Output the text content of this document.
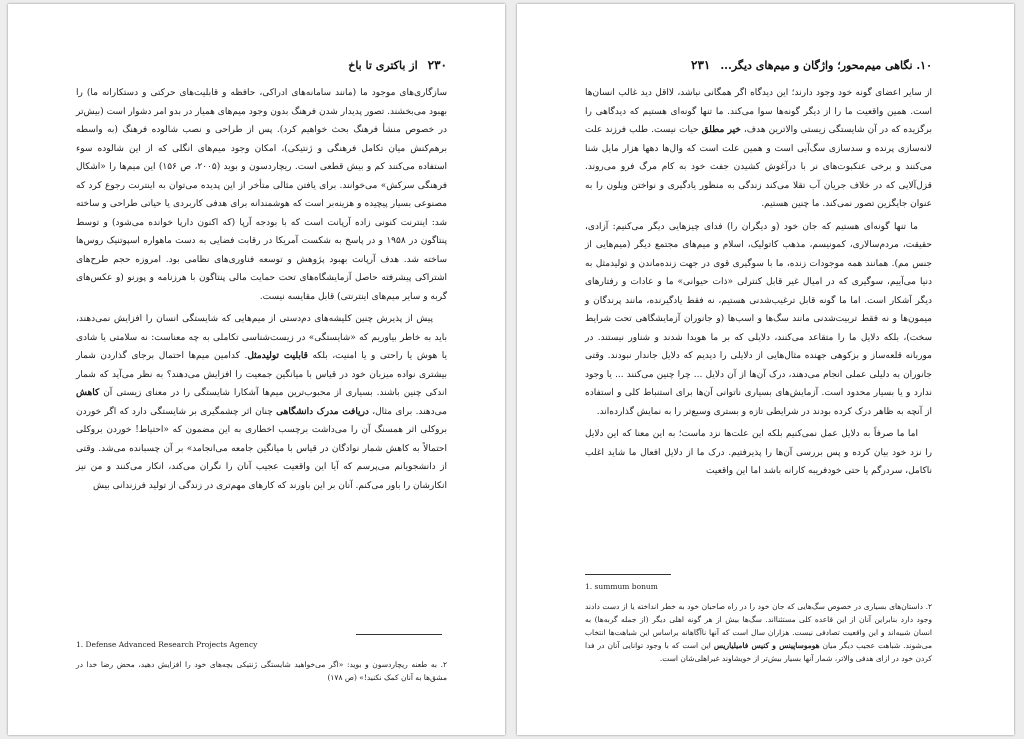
۲۳۰
از باکتری تا باخ

سازگاری‌های موجود ما (مانند سامانه‌های ادراکی، حافظه و قابلیت‌های حرکتی و دستکارانه ما) را بهبود می‌بخشند. تصور پدیدار شدن فرهنگ بدون وجود میم‌های همیار در بدو امر دشوار است (بیش‌تر در خصوص منشأ فرهنگ بحث خواهیم کرد). پس از طراحی و نصب شالوده فرهنگ (به واسطه برهم‌کنش میان تکامل فرهنگی و ژنتیکی)، امکان وجود میم‌های انگلی که از این شالوده سوء استفاده می‌کنند کم و بیش قطعی است. ریچاردسون و بوید (۲۰۰۵، ص ۱۵۶) این میم‌ها را «اشکال فرهنگی سرکش» می‌خوانند. برای یافتن مثالی متأخر از این پدیده می‌توان به اینترنت رجوع کرد که مصنوعی بسیار پیچیده و هزینه‌بر است که هوشمندانه برای هدفی کاربردی یا حیاتی طراحی و ساخته شد: اینترنت کنونی زاده آرپانت است که با بودجه آرپا (که اکنون دارپا خوانده می‌شود) و توسط پنتاگون در ۱۹۵۸ و در پاسخ به شکست آمریکا در رقابت فضایی به دست ماهواره اسپوتنیک روس‌ها ساخته شد. هدف آرپانت بهبود پژوهش و توسعه فناوری‌های نظامی بود. امروزه حجم طرح‌های اشتراکی پیشرفته حاصل آزمایشگاه‌های تحت حمایت مالی پنتاگون با هرزنامه و پورنو (و عکس‌های گربه و سایر میم‌های اینترنتی) قابل مقایسه نیست.

پیش از پذیرش چنین کلیشه‌های دم‌دستی از میم‌هایی که شایستگی انسان را افزایش نمی‌دهند، باید به خاطر بیاوریم که «شایستگی» در زیست‌شناسی تکاملی به چه معناست: نه سلامتی یا شادی یا هوش یا راحتی و یا امنیت، بلکه قابلیت تولیدمثل. کدامین میم‌ها احتمال برجای گذاردن شمار بیشتری نواده میزبان خود در قیاس با میانگین جمعیت را افزایش می‌دهند؟ به نظر می‌آید که شمار اندکی چنین باشند. بسیاری از محبوب‌ترین میم‌ها آشکارا شایستگی را در معنای زیستی آن کاهش می‌دهند. برای مثال، دریافت مدرک دانشگاهی چنان اثر چشمگیری بر شایستگی دارد که اگر خوردن بروکلی اثر همسنگ آن را می‌داشت برچسب اخطاری به این مضمون که «احتیاط! خوردن بروکلی احتمالاً به کاهش شمار نوادگان در قیاس با میانگین جامعه می‌انجامد» بر آن چسبانده می‌شد. وقتی از دانشجویانم می‌پرسم که آیا این واقعیت عجیب آنان را نگران می‌کند، انکار می‌کنند و من نیز انکارشان را باور می‌کنم. آنان بر این باورند که کارهای مهم‌تری در زندگی از تولید فرزندانی بیش

1. Defense Advanced Research Projects Agency
۲. به طعنه ریچاردسون و بوید: «اگر می‌خواهید شایستگی ژنتیکی بچه‌های خود را افزایش دهید، محض رضا خدا در مشق‌ها به آنان کمک نکنید!» (ص ۱۷۸)
۱۰. نگاهی میم‌محور؛ واژگان و میم‌های دیگر...
۲۳۱

از سایر اعضای گونه خود وجود دارند؛ این دیدگاه اگر همگانی نباشد، لااقل دید غالب انسان‌ها است. همین واقعیت ما را از دیگر گونه‌ها سوا می‌کند. ما تنها گونه‌ای هستیم که دیدگاهی را برگزیده که در آن شایستگی زیستی والاترین هدف، خیر مطلق حیات نیست. طلب فرزند علت لانه‌سازی پرنده و سدسازی سگ‌آبی است و همین علت است که وال‌ها دهها هزار مایل شنا می‌کنند و برخی عنکبوت‌های نر با درآغوش کشیدن جفت خود به کام مرگ فرو می‌روند. قزل‌آلایی که در خلاف جریان آب تقلا می‌کند زندگی به منظور یادگیری و نواختن ویلون را به عنوان جایگزین تصور نمی‌کند. ما چنین هستیم.

ما تنها گونه‌ای هستیم که جان خود (و دیگران را) فدای چیزهایی دیگر می‌کنیم: آزادی، حقیقت، مردم‌سالاری، کمونیسم، مذهب کاتولیک، اسلام و میم‌های مجتمع دیگر (میم‌هایی از جنس مم). همانند همه موجودات زنده، ما با سوگیری قوی در جهت زنده‌ماندن و تولیدمثل به دنیا می‌آییم، سوگیری که در امیال غیر قابل کنترلی «ذات حیوانی» ما و عادات و رفتارهای دیگر آشکار است. اما ما گونه قابل ترغیب‌شدنی هستیم، نه فقط یادگیرنده، مانند پرندگان و میمون‌ها و نه فقط تربیت‌شدنی مانند سگ‌ها و اسب‌ها (و جانوران آزمایشگاهی تحت شرایط سخت)، بلکه دلایل ما را متقاعد می‌کنند، دلایلی که بر ما هویدا شدند و شناور نیستند. در موربانه قلعه‌ساز و بزکوهی جهنده مثال‌هایی از دلایلی را دیدیم که دلایل جاندار نبودند. وقتی جانوران به دلیلی عملی انجام می‌دهند، درک آن‌ها از آن دلایل ... چرا چنین می‌کنند ... یا وجود ندارد و یا بسیار محدود است. آزمایش‌های بسیاری ناتوانی آن‌ها برای استنباط کلی و استفاده از آنچه به ظاهر درک کرده بودند در شرایطی تازه و بستری وسیع‌تر را به نمایش گذارده‌اند.

اما ما صرفاً به دلایل عمل نمی‌کنیم بلکه این علت‌ها نزد ماست؛ به این معنا که این دلایل را نزد خود بیان کرده و پس بررسی آن‌ها را پذیرفتیم. درک ما از دلایل افعال ما شاید اغلب ناکامل، سردرگم یا حتی خودفریبه کارانه باشد اما این واقعیت

1. summum bonum
۲. داستان‌های بسیاری در خصوص سگ‌هایی که جان خود را در راه صاحبان خود به خطر انداخته یا از دست دادند وجود دارد بنابراین آنان از این قاعده کلی مستثنااند. سگ‌ها بیش از هر گونه اهلی دیگر (از جمله گربه‌ها) به انسان شبیه‌اند و این واقعیت تصادفی نیست. هزاران سال است که آنها ناآگاهانه براساس این شباهت‌ها انتخاب می‌شوند. شباهت عجیب دیگر میان هوموساپینس و کنیس فامیلیاریس این است که با وجود توانایی آنان در فدا کردن خود در ازای هدفی والاتر، شمار آنها بسیار بیش‌تر از خویشاوند غیراهلی‌شان است.
